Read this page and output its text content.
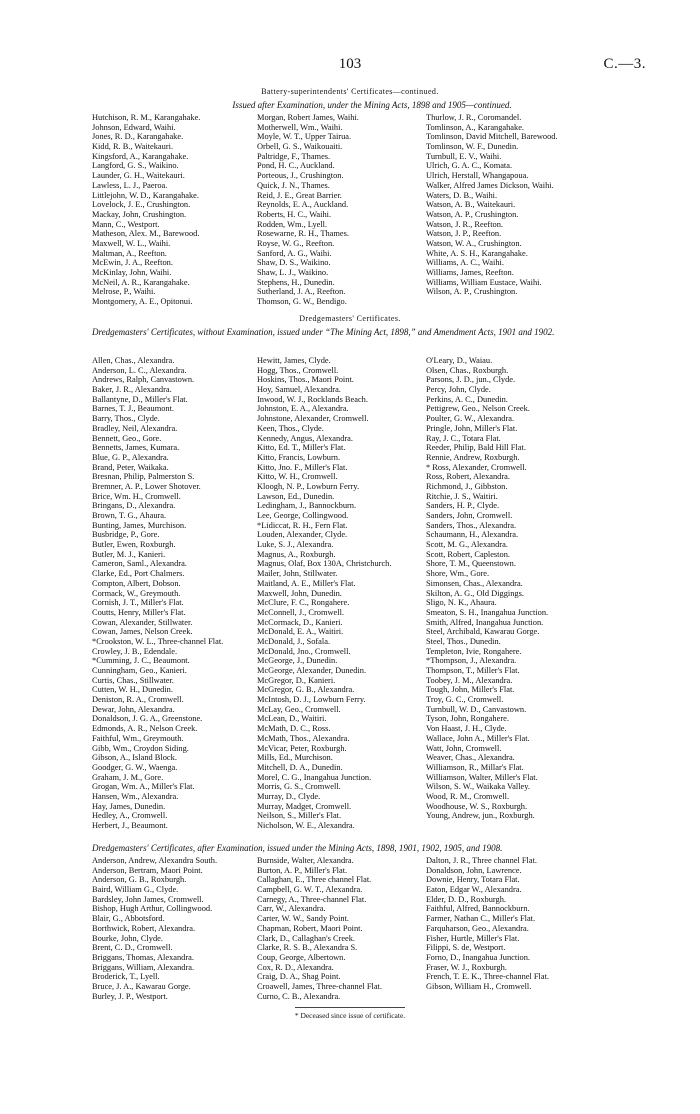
103	C.—3.
Battery-superintendents' Certificates—continued.
Issued after Examination, under the Mining Acts, 1898 and 1905—continued.
Hutchison, R. M., Karangahake.
Johnson, Edward, Waihi.
Jones, R. D., Karangahake.
Kidd, R. B., Waitekauri.
Kingsford, A., Karangahake.
Langford, G. S., Waikino.
Launder, G. H., Waitekauri.
Lawless, L. J., Paeroa.
Littlejohn, W. D., Karangahake.
Lovelock, J. E., Crushington.
Mackay, John, Crushington.
Mann, C., Westport.
Matheson, Alex. M., Barewood.
Maxwell, W. L., Waihi.
Maltman, A., Reefton.
McEwin, J. A., Reefton.
McKinlay, John, Waihi.
McNeil, A. R., Karangahake.
Melrose, P., Waihi.
Montgomery, A. E., Opitonui.
Morgan, Robert James, Waihi.
Motherwell, Wm., Waihi.
Moyle, W. T., Upper Tairua.
Orbell, G. S., Waikouaiti.
Paltridge, F., Thames.
Pond, H. C., Auckland.
Porteous, J., Crushington.
Quick, J. N., Thames.
Reid, J. E., Great Barrier.
Reynolds, E. A., Auckland.
Roberts, H. C., Waihi.
Rodden, Wm., Lyell.
Rosewarne, R. H., Thames.
Royse, W. G., Reefton.
Sanford, A. G., Waihi.
Shaw, D. S., Waikino.
Shaw, L. J., Waikino.
Stephens, H., Dunedin.
Sutherland, J. A., Reefton.
Thomson, G. W., Bendigo.
Thurlow, J. R., Coromandel.
Tomlinson, A., Karangahake.
Tomlinson, David Mitchell, Barewood.
Tomlinson, W. F., Dunedin.
Turnbull, E. V., Waihi.
Ulrich, G. A. C., Komata.
Ulrich, Herstall, Whangapoua.
Walker, Alfred James Dickson, Waihi.
Waters, D. B., Waihi.
Watson, A. B., Waitekauri.
Watson, A. P., Crushington.
Watson, J. R., Reefton.
Watson, J. P., Reefton.
Watson, W. A., Crushington.
White, A. S. H., Karangahake.
Williams, A. C., Waihi.
Williams, James, Reefton.
Williams, William Eustace, Waihi.
Wilson, A. P., Crushington.
Dredgemasters' Certificates.
Dredgemasters' Certificates, without Examination, issued under “The Mining Act, 1898,” and Amendment Acts, 1901 and 1902.
Allen, Chas., Alexandra.
Anderson, L. C., Alexandra.
Andrews, Ralph, Canvastown.
Baker, J. R., Alexandra.
Ballantyne, D., Miller's Flat.
Barnes, T. J., Beaumont.
Barry, Thos., Clyde.
Bradley, Neil, Alexandra.
Bennett, Geo., Gore.
Bennetts, James, Kumara.
Blue, G. P., Alexandra.
Brand, Peter, Waikaka.
Bresnan, Philip, Palmerston S.
Bremner, A. P., Lower Shotover.
Brice, Wm. H., Cromwell.
Bringans, D., Alexandra.
Brown, T. G., Ahaura.
Bunting, James, Murchison.
Busbridge, P., Gore.
Butler, Ewen, Roxburgh.
Butler, M. J., Kanieri.
Cameron, Saml., Alexandra.
Clarke, Ed., Port Chalmers.
Compton, Albert, Dobson.
Cormack, W., Greymouth.
Cornish, J. T., Miller's Flat.
Coutts, Henry, Miller's Flat.
Cowan, Alexander, Stillwater.
Cowan, James, Nelson Creek.
*Crookston, W. L., Three-channel Flat.
Crowley, J. B., Edendale.
*Cumming, J. C., Beaumont.
Cunningham, Geo., Kanieri.
Curtis, Chas., Stillwater.
Cutten, W. H., Dunedin.
Deniston, R. A., Cromwell.
Dewar, John, Alexandra.
Donaldson, J. G. A., Greenstone.
Edmonds, A. R., Nelson Creek.
Faithful, Wm., Greymouth.
Gibb, Wm., Croydon Siding.
Gibson, A., Island Block.
Goodger, G. W., Waenga.
Graham, J. M., Gore.
Grogan, Wm. A., Miller's Flat.
Hansen, Wm., Alexandra.
Hay, James, Dunedin.
Hedley, A., Cromwell.
Herbert, J., Beaumont.
Hewitt, James, Clyde.
Hogg, Thos., Cromwell.
Hoskins, Thos., Maori Point.
Hoy, Samuel, Alexandra.
Inwood, W. J., Rocklands Beach.
Johnston, E. A., Alexandra.
Johnstone, Alexander, Cromwell.
Keen, Thos., Clyde.
Kennedy, Angus, Alexandra.
Kitto, Ed. T., Miller's Flat.
Kitto, Francis, Lowburn.
Kitto, Jno. F., Miller's Flat.
Kitto, W. H., Cromwell.
Kloogh, N. P., Lowburn Ferry.
Lawson, Ed., Dunedin.
Ledingham, J., Bannockburn.
Lee, George, Collingwood.
*Lidiccat, R. H., Fern Flat.
Louden, Alexander, Clyde.
Luke, S. J., Alexandra.
Magnus, A., Roxburgh.
Magnus, Olaf, Box 130A, Christchurch.
Mailer, John, Stillwater.
Maitland, A. E., Miller's Flat.
Maxwell, John, Dunedin.
McClure, F. C., Rongahere.
McConnell, J., Cromwell.
McCormack, D., Kanieri.
McDonald, E. A., Waitiri.
McDonald, J., Sofala.
McDonald, Jno., Cromwell.
McGeorge, J., Dunedin.
McGeorge, Alexander, Dunedin.
McGregor, D., Kanieri.
McGregor, G. B., Alexandra.
McIntosh, D. J., Lowburn Ferry.
McLay, Geo., Cromwell.
McLean, D., Waitiri.
McMath, D. C., Ross.
McMath, Thos., Alexandra.
McVicar, Peter, Roxburgh.
Mills, Ed., Murchison.
Mitchell, D. A., Dunedin.
Morel, C. G., Inangahua Junction.
Morris, G. S., Cromwell.
Murray, D., Clyde.
Murray, Madget, Cromwell.
Neilson, S., Miller's Flat.
Nicholson, W. E., Alexandra.
O'Leary, D., Waiau.
Olsen, Chas., Roxburgh.
Parsons, J. D., jun., Clyde.
Percy, John, Clyde.
Perkins, A. C., Dunedin.
Pettigrew, Geo., Nelson Creek.
Poulter, G. W., Alexandra.
Pringle, John, Miller's Flat.
Ray, J. C., Totara Flat.
Reeder, Philip, Bald Hill Flat.
Rennie, Andrew, Roxburgh.
* Ross, Alexander, Cromwell.
Ross, Robert, Alexandra.
Richmond, J., Gibbston.
Ritchie, J. S., Waitiri.
Sanders, H. P., Clyde.
Sanders, John, Cromwell.
Sanders, Thos., Alexandra.
Schaumann, H., Alexandra.
Scott, M. G., Alexandra.
Scott, Robert, Capleston.
Shore, T. M., Queenstown.
Shore, Wm., Gore.
Simonsen, Chas., Alexandra.
Skilton, A. G., Old Diggings.
Sligo, N. K., Ahaura.
Smeaton, S. H., Inangahua Junction.
Smith, Alfred, Inangahua Junction.
Steel, Archibald, Kawarau Gorge.
Steel, Thos., Dunedin.
Templeton, Ivie, Rongahere.
*Thompson, J., Alexandra.
Thompson, T., Miller's Flat.
Toobey, J. M., Alexandra.
Tough, John, Miller's Flat.
Troy, G. C., Cromwell.
Turnbull, W. D., Canvastown.
Tyson, John, Rongahere.
Von Haast, J. H., Clyde.
Wallace, John A., Miller's Flat.
Watt, John, Cromwell.
Weaver, Chas., Alexandra.
Williamson, R., Millar's Flat.
Williamson, Walter, Miller's Flat.
Wilson, S. W., Waikaka Valley.
Wood, R. M., Cromwell.
Woodhouse, W. S., Roxburgh.
Young, Andrew, jun., Roxburgh.
Dredgemasters' Certificates, after Examination, issued under the Mining Acts, 1898, 1901, 1902, 1905, and 1908.
Anderson, Andrew, Alexandra South.
Anderson, Bertram, Maori Point.
Anderson, G. B., Roxburgh.
Baird, William G., Clyde.
Bardsley, John James, Cromwell.
Bishop, Hugh Arthur, Collingwood.
Blair, G., Abbotsford.
Borthwick, Robert, Alexandra.
Bourke, John, Clyde.
Brent, C. D., Cromwell.
Briggans, Thomas, Alexandra.
Briggans, William, Alexandra.
Broderick, T., Lyell.
Bruce, J. A., Kawarau Gorge.
Burley, J. P., Westport.
Burnside, Walter, Alexandra.
Burton, A. P., Miller's Flat.
Callaghan, E., Three channel Flat.
Campbell, G. W. T., Alexandra.
Carnegy, A., Three-channel Flat.
Carr, W., Alexandra.
Carter, W. W., Sandy Point.
Chapman, Robert, Maori Point.
Clark, D., Callaghan's Creek.
Clarke, R. S. B., Alexandra S.
Coup, George, Albertown.
Cox, R. D., Alexandra.
Craig, D. A., Shag Point.
Croawell, James, Three-channel Flat.
Curno, C. B., Alexandra.
Dalton, J. R., Three channel Flat.
Donaldson, John, Lawrence.
Downie, Henry, Totara Flat.
Eaton, Edgar W., Alexandra.
Elder, D. D., Roxburgh.
Faithful, Alfred, Bannockburn.
Farmer, Nathan C., Miller's Flat.
Farquharson, Geo., Alexandra.
Fisher, Hurtle, Miller's Flat.
Filippi, S. de, Westport.
Forno, D., Inangahua Junction.
Fraser, W. J., Roxburgh.
French, T. E. K., Three-channel Flat.
Gibson, William H., Cromwell.
* Deceased since issue of certificate.
